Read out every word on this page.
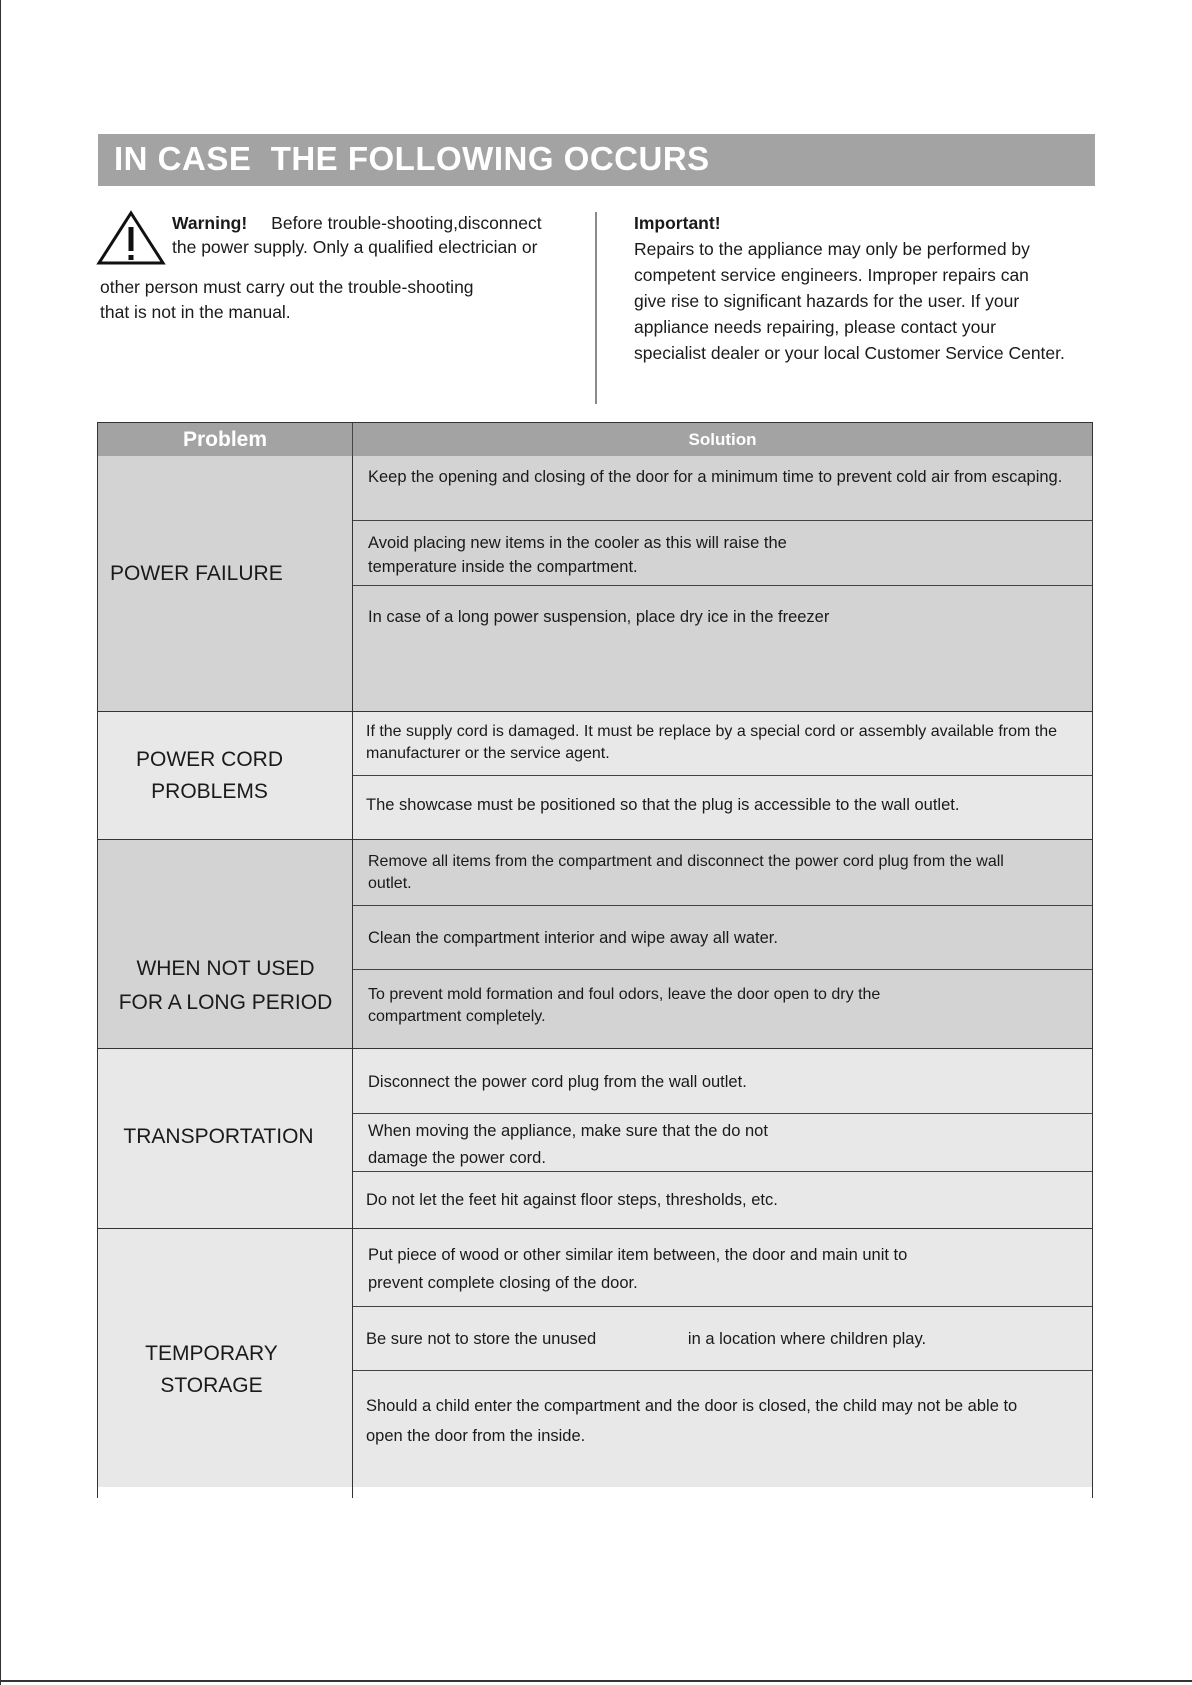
IN CASE  THE FOLLOWING OCCURS
Warning! Before trouble-shooting,disconnect
the power supply. Only a qualified electrician or
other person must carry out the trouble-shooting
that is not in the manual.
Important!
Repairs to the appliance may only be performed by
competent service engineers. Improper repairs can
give rise to significant hazards for the user. If your
appliance needs repairing, please contact your
specialist dealer or your local Customer Service Center.
Problem	Solution
POWER FAILURE
Keep the opening and closing of the door for a minimum time to prevent cold air from escaping.
Avoid placing new items in the cooler as this will raise the temperature inside the compartment.
In case of a long power suspension, place dry ice in the freezer
POWER CORD
PROBLEMS
If the supply cord is damaged. It must be replace by a special cord or assembly available from the manufacturer or the service agent.
The showcase must be positioned so that the plug is accessible to the wall outlet.
WHEN NOT USED
FOR A LONG PERIOD
Remove all items from the compartment and disconnect the power cord plug from the wall outlet.
Clean the compartment interior and wipe away all water.
To prevent mold formation and foul odors, leave the door open to dry the compartment completely.
TRANSPORTATION
Disconnect the power cord plug from the wall outlet.
When moving the appliance, make sure that the do not damage the power cord.
Do not let the feet hit against floor steps, thresholds, etc.
TEMPORARY
STORAGE
Put piece of wood or other similar item between, the door and main unit to prevent complete closing of the door.
Be sure not to store the unused                    in a location where children play.
Should a child enter the compartment and the door is closed, the child may not be able to open the door from the inside.
